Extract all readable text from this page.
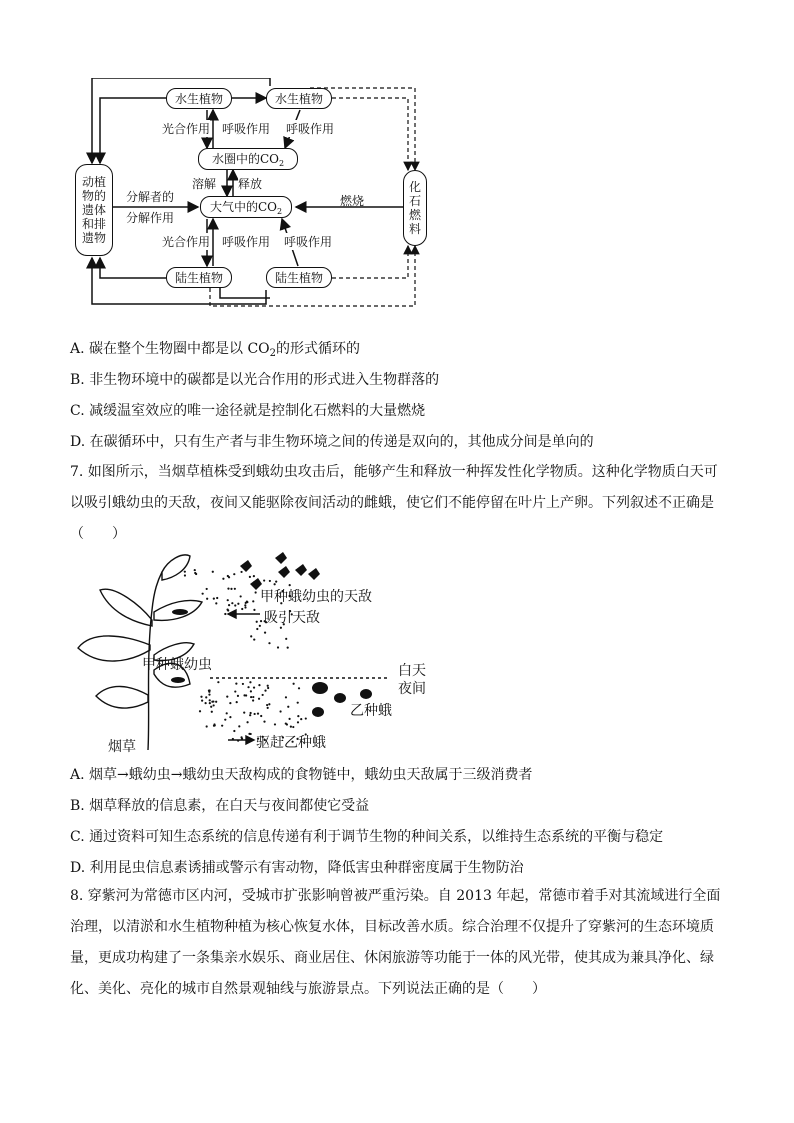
水生植物	水生植物
光合作用 呼吸作用 呼吸作用
水圈中的$CO_2$
溶解 释放
大气中的$CO_2$
分解者的
分解作用
燃烧
光合作用 呼吸作用 呼吸作用
陆生植物	陆生植物
动植物的遗体和排遗物
化石燃料
A. 碳在整个生物圈中都是以 $CO_2$的形式循环的
B. 非生物环境中的碳都是以光合作用的形式进入生物群落的
C. 减缓温室效应的唯一途径就是控制化石燃料的大量燃烧
D. 在碳循环中，只有生产者与非生物环境之间的传递是双向的，其他成分间是单向的
7. 如图所示，当烟草植株受到蛾幼虫攻击后，能够产生和释放一种挥发性化学物质。这种化学物质白天可以吸引蛾幼虫的天敌，夜间又能驱除夜间活动的雌蛾，使它们不能停留在叶片上产卵。下列叙述不正确是（　　）
甲种蛾幼虫的天敌
吸引天敌
甲种蛾幼虫	白天
夜间
乙种蛾
烟草	驱赶乙种蛾
A. 烟草→蛾幼虫→蛾幼虫天敌构成的食物链中，蛾幼虫天敌属于三级消费者
B. 烟草释放的信息素，在白天与夜间都使它受益
C. 通过资料可知生态系统的信息传递有利于调节生物的种间关系，以维持生态系统的平衡与稳定
D. 利用昆虫信息素诱捕或警示有害动物，降低害虫种群密度属于生物防治
8. 穿紫河为常德市区内河，受城市扩张影响曾被严重污染。自 2013 年起，常德市着手对其流域进行全面治理，以清淤和水生植物种植为核心恢复水体，目标改善水质。综合治理不仅提升了穿紫河的生态环境质量，更成功构建了一条集亲水娱乐、商业居住、休闲旅游等功能于一体的风光带，使其成为兼具净化、绿化、美化、亮化的城市自然景观轴线与旅游景点。下列说法正确的是（　　）
